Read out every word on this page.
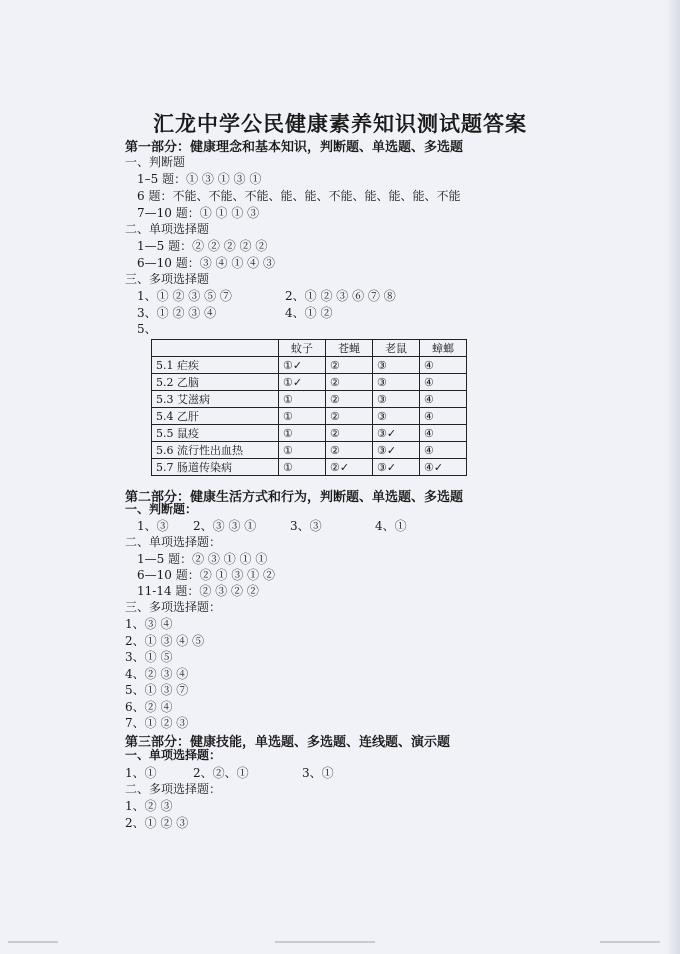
汇龙中学公民健康素养知识测试题答案
第一部分：健康理念和基本知识，判断题、单选题、多选题
一、判断题
1–5 题：① ③ ① ③ ①
6 题：不能、不能、不能、能、能、不能、能、能、能、不能
7—10 题：① ① ① ③
二、单项选择题
1—5 题：② ② ② ② ②
6—10 题：③ ④ ① ④ ③
三、多项选择题
1、① ② ③ ⑤ ⑦	2、① ② ③ ⑥ ⑦ ⑧
3、① ② ③ ④	4、① ②
5、
	蚊子	苍蝇	老鼠	蟑螂
5.1 疟疾	①✓	②	③	④
5.2 乙脑	①✓	②	③	④
5.3 艾滋病	①	②	③	④
5.4 乙肝	①	②	③	④
5.5 鼠疫	①	②	③✓	④
5.6 流行性出血热	①	②	③✓	④
5.7 肠道传染病	①	②✓	③✓	④✓
第二部分：健康生活方式和行为，判断题、单选题、多选题
一、判断题：
1、③ 2、③ ③ ①	3、③	4、①
二、单项选择题：
1—5 题：② ③ ① ① ①
6—10 题：② ① ③ ① ②
11-14 题：② ③ ② ②
三、多项选择题：
1、③ ④
2、① ③ ④ ⑤
3、① ⑤
4、② ③ ④
5、① ③ ⑦
6、② ④
7、① ② ③
第三部分：健康技能，单选题、多选题、连线题、演示题
一、单项选择题：
1、①	2、②、①	3、①
二、多项选择题：
1、② ③
2、① ② ③
